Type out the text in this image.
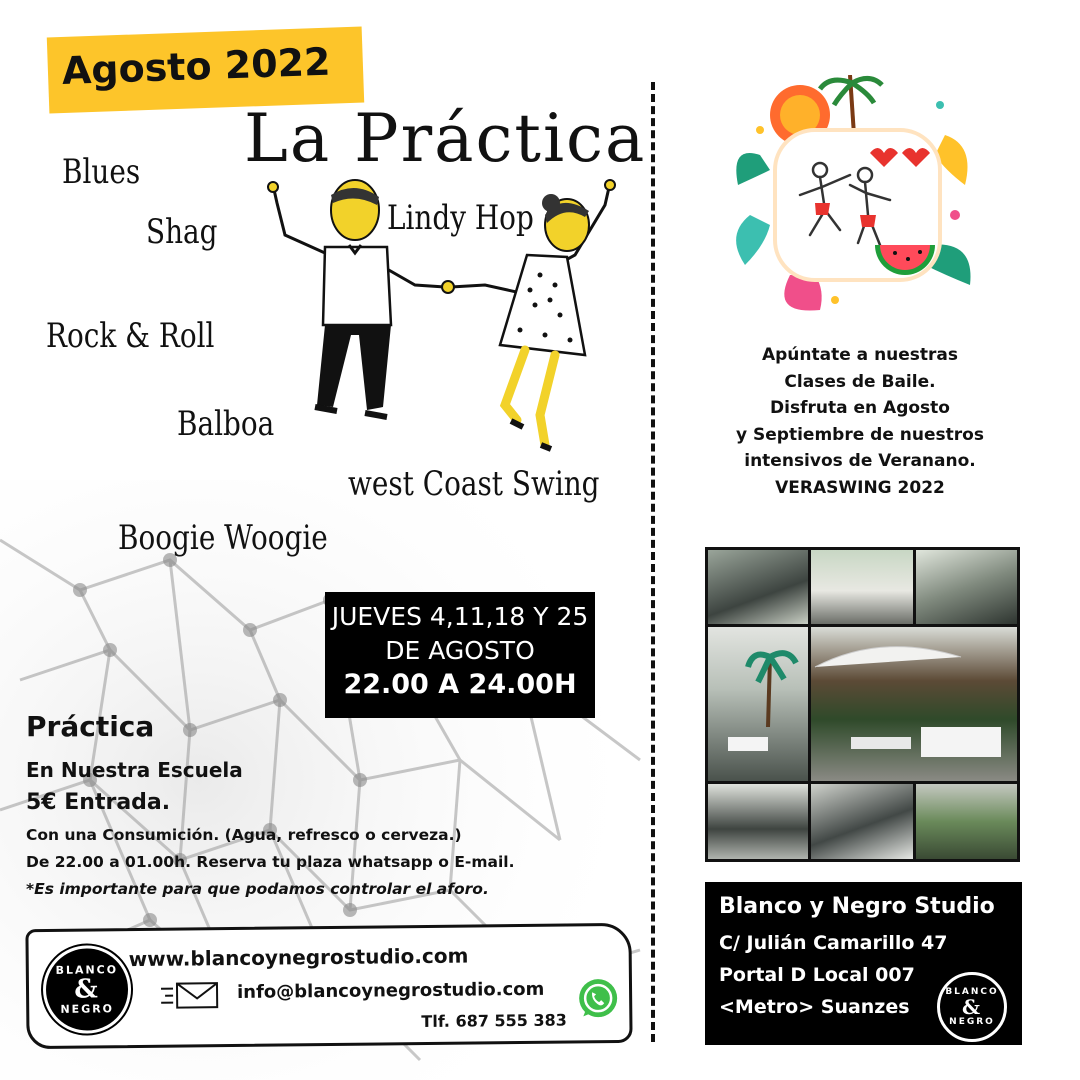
Agosto 2022
La Práctica
Blues
Shag	Lindy Hop
Rock & Roll
Balboa
west Coast Swing
Boogie Woogie
JUEVES 4,11,18 Y 25
DE AGOSTO
22.00 A 24.00H
Práctica
En Nuestra Escuela
5€ Entrada.
Con una Consumición. (Agua, refresco o cerveza.)
De 22.00 a 01.00h. Reserva tu plaza whatsapp o E-mail.
*Es importante para que podamos controlar el aforo.
BLANCO
&
NEGRO
www.blancoynegrostudio.com
info@blancoynegrostudio.com
Tlf. 687 555 383
Apúntate a nuestras
Clases de Baile.
Disfruta en Agosto
y Septiembre de nuestros
intensivos de Veranano.
VERASWING 2022
Blanco y Negro Studio
C/ Julián Camarillo 47
Portal D Local 007
<Metro> Suanzes
BLANCO
&
NEGRO
